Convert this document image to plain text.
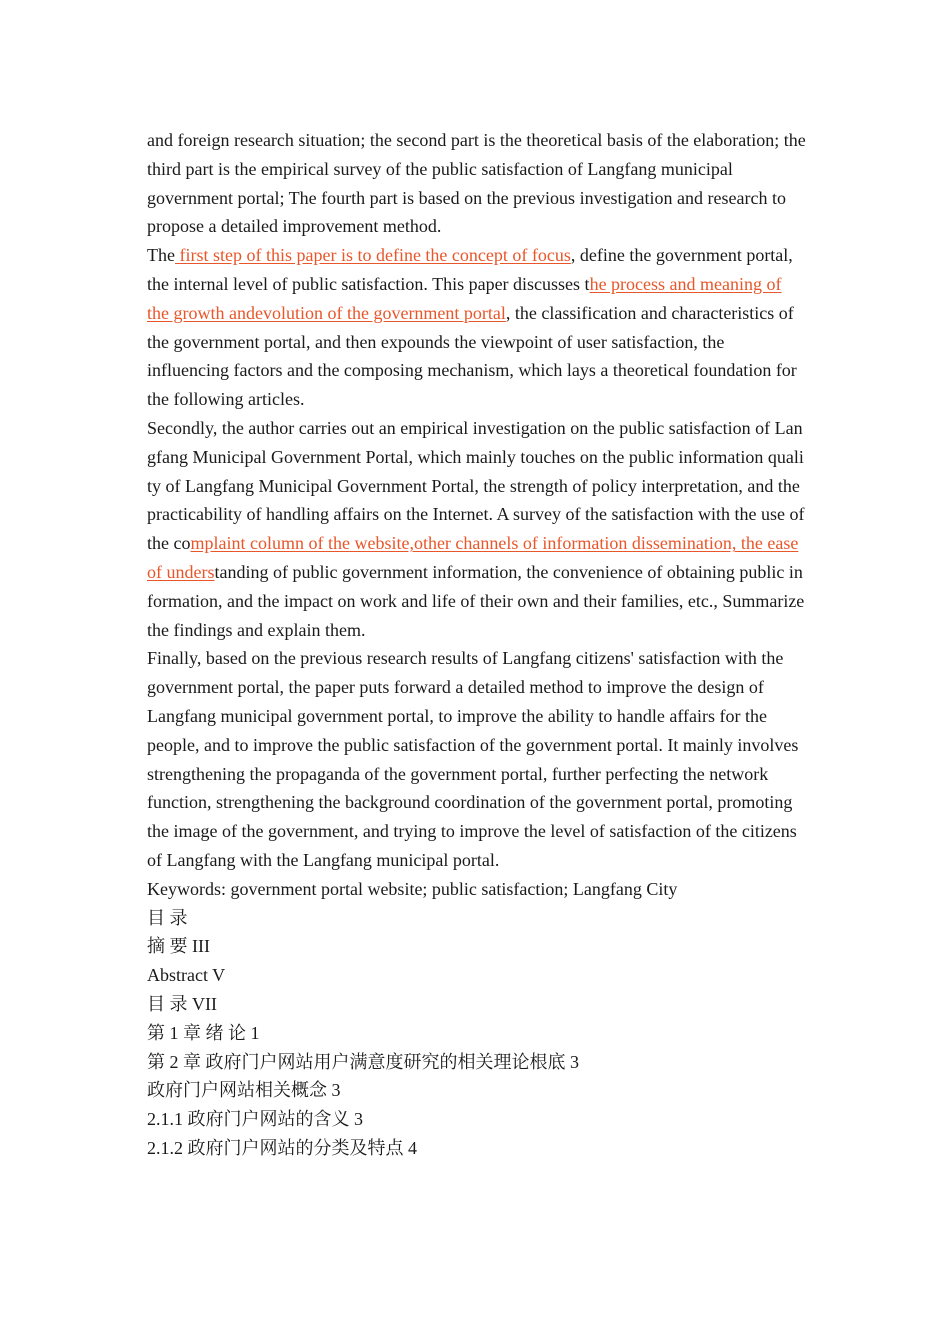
and foreign research situation; the second part is the theoretical basis of the elaboration; the third part is the empirical survey of the public satisfaction of Langfang municipal government portal; The fourth part is based on the previous investigation and research to propose a detailed improvement method.

The first step of this paper is to define the concept of focus, define the government portal, the internal level of public satisfaction. This paper discusses the process and meaning of the growth andevolution of the government portal, the classification and characteristics of the government portal, and then expounds the viewpoint of user satisfaction, the influencing factors and the composing mechanism, which lays a theoretical foundation for the following articles.

Secondly, the author carries out an empirical investigation on the public satisfaction of Langfang Municipal Government Portal, which mainly touches on the public information quality of Langfang Municipal Government Portal, the strength of policy interpretation, and the practicability of handling affairs on the Internet. A survey of the satisfaction with the use of the complaint column of the website,other channels of information dissemination, the ease of understanding of public government information, the convenience of obtaining public information, and the impact on work and life of their own and their families, etc., Summarize the findings and explain them.

Finally, based on the previous research results of Langfang citizens' satisfaction with the government portal, the paper puts forward a detailed method to improve the design of Langfang municipal government portal, to improve the ability to handle affairs for the people, and to improve the public satisfaction of the government portal. It mainly involves strengthening the propaganda of the government portal, further perfecting the network function, strengthening the background coordination of the government portal, promoting the image of the government, and trying to improve the level of satisfaction of the citizens of Langfang with the Langfang municipal portal.

Keywords: government portal website; public satisfaction; Langfang City

目 录

摘 要 III

Abstract V

目 录 VII

第 1 章 绪 论 1

第 2 章 政府门户网站用户满意度研究的相关理论根底 3

政府门户网站相关概念 3

2.1.1 政府门户网站的含义 3

2.1.2 政府门户网站的分类及特点 4
